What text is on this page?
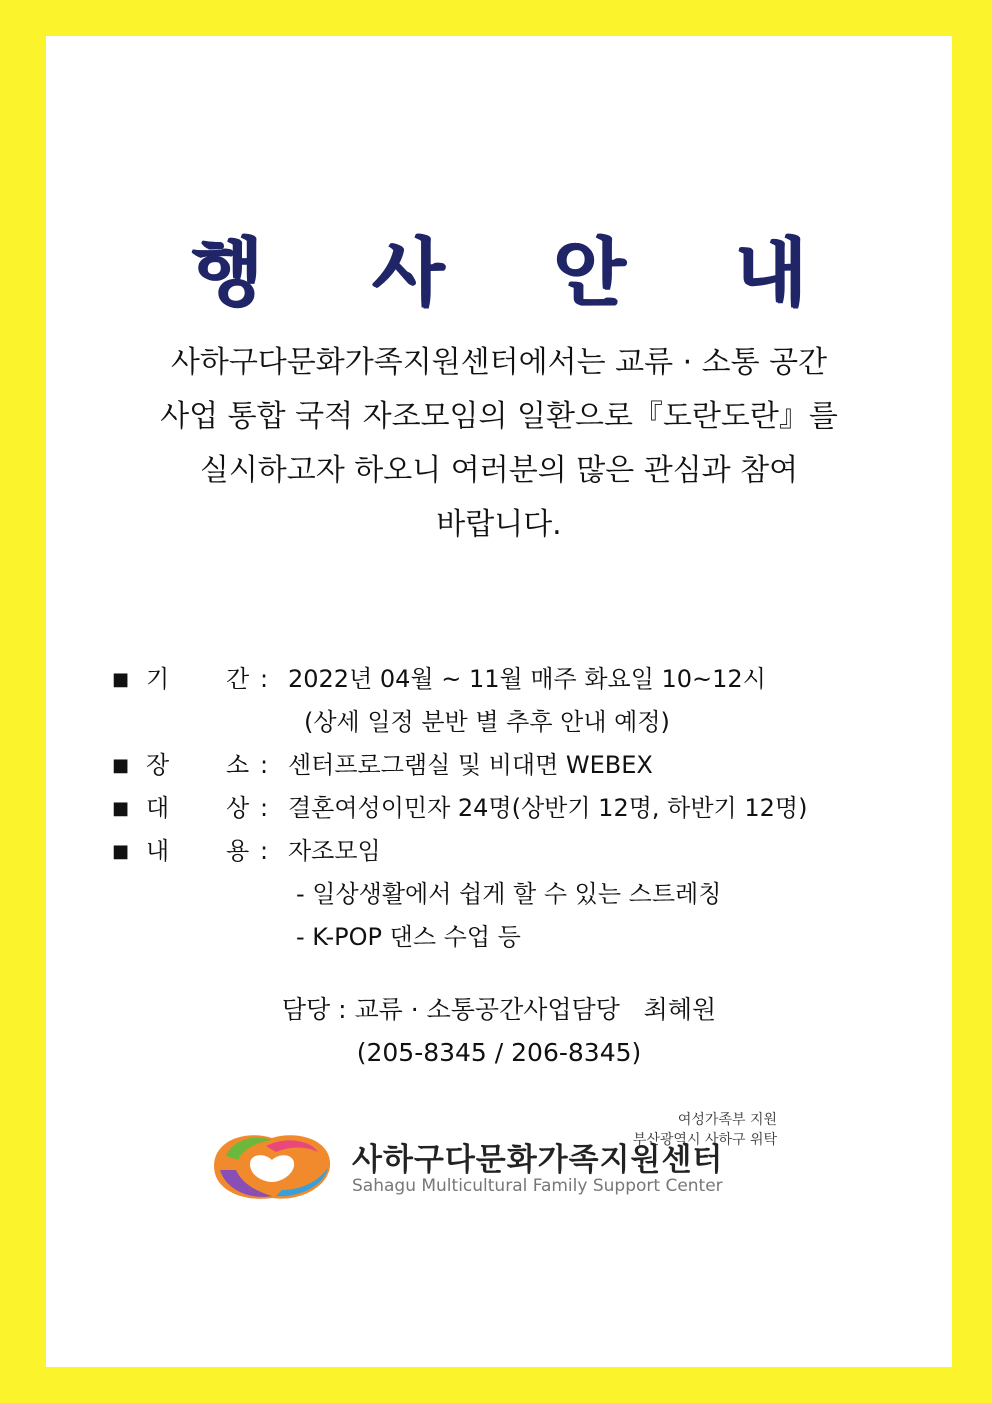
행 사 안 내
사하구다문화가족지원센터에서는 교류 · 소통 공간
사업 통합 국적 자조모임의 일환으로『도란도란』를
실시하고자 하오니 여러분의 많은 관심과 참여
바랍니다.
■ 기 간 : 2022년 04월 ~ 11월 매주 화요일 10~12시
(상세 일정 분반 별 추후 안내 예정)
■ 장 소 : 센터프로그램실 및 비대면 WEBEX
■ 대 상 : 결혼여성이민자 24명(상반기 12명, 하반기 12명)
■ 내 용 : 자조모임
- 일상생활에서 쉽게 할 수 있는 스트레칭
- K-POP 댄스 수업 등
담당 : 교류 · 소통공간사업담당   최혜원
(205-8345 / 206-8345)
여성가족부 지원
부산광역시 사하구 위탁
사하구다문화가족지원센터
Sahagu Multicultural Family Support Center
